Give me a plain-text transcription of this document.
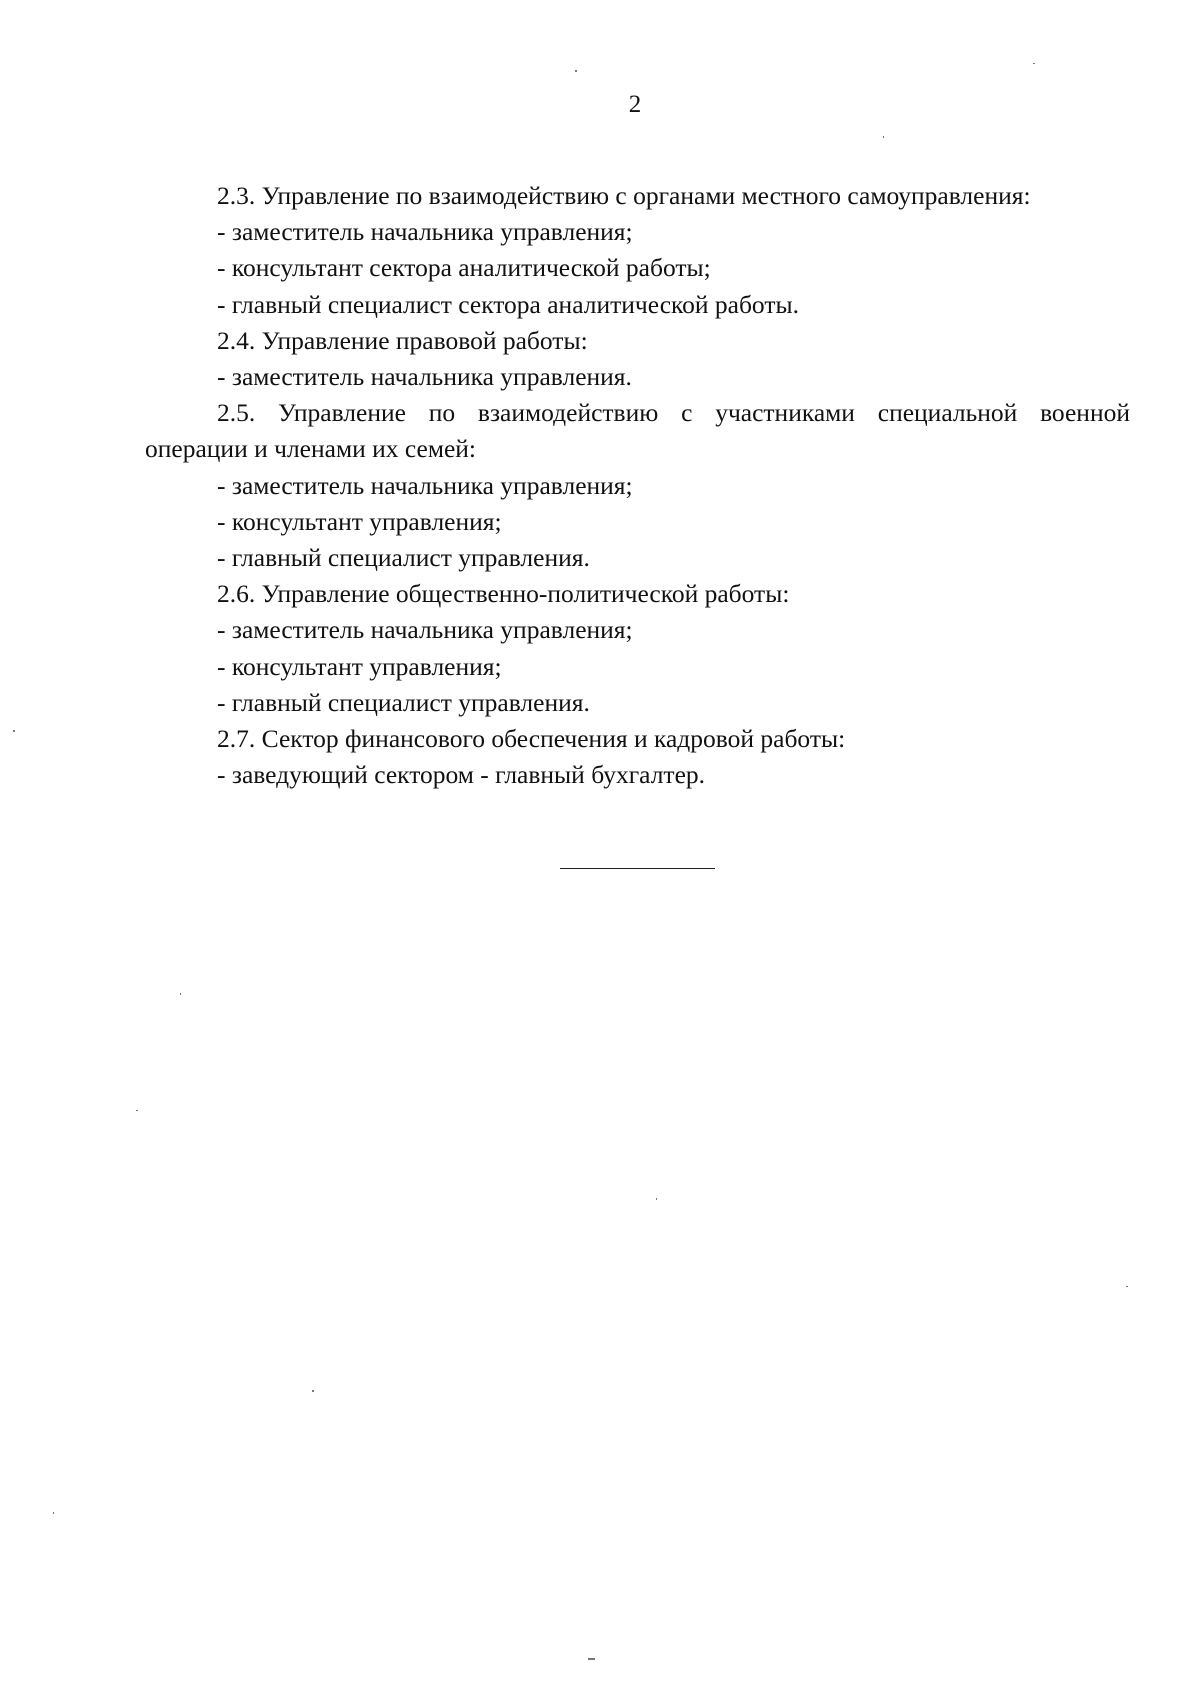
2

2.3. Управление по взаимодействию с органами местного самоуправления:

- заместитель начальника управления;

- консультант сектора аналитической работы;

- главный специалист сектора аналитической работы.

2.4. Управление правовой работы:

- заместитель начальника управления.

2.5. Управление по взаимодействию с участниками специальной военной

операции и членами их семей:

- заместитель начальника управления;

- консультант управления;

- главный специалист управления.

2.6. Управление общественно-политической работы:

- заместитель начальника управления;

- консультант управления;

- главный специалист управления.

2.7. Сектор финансового обеспечения и кадровой работы:

- заведующий сектором - главный бухгалтер.
